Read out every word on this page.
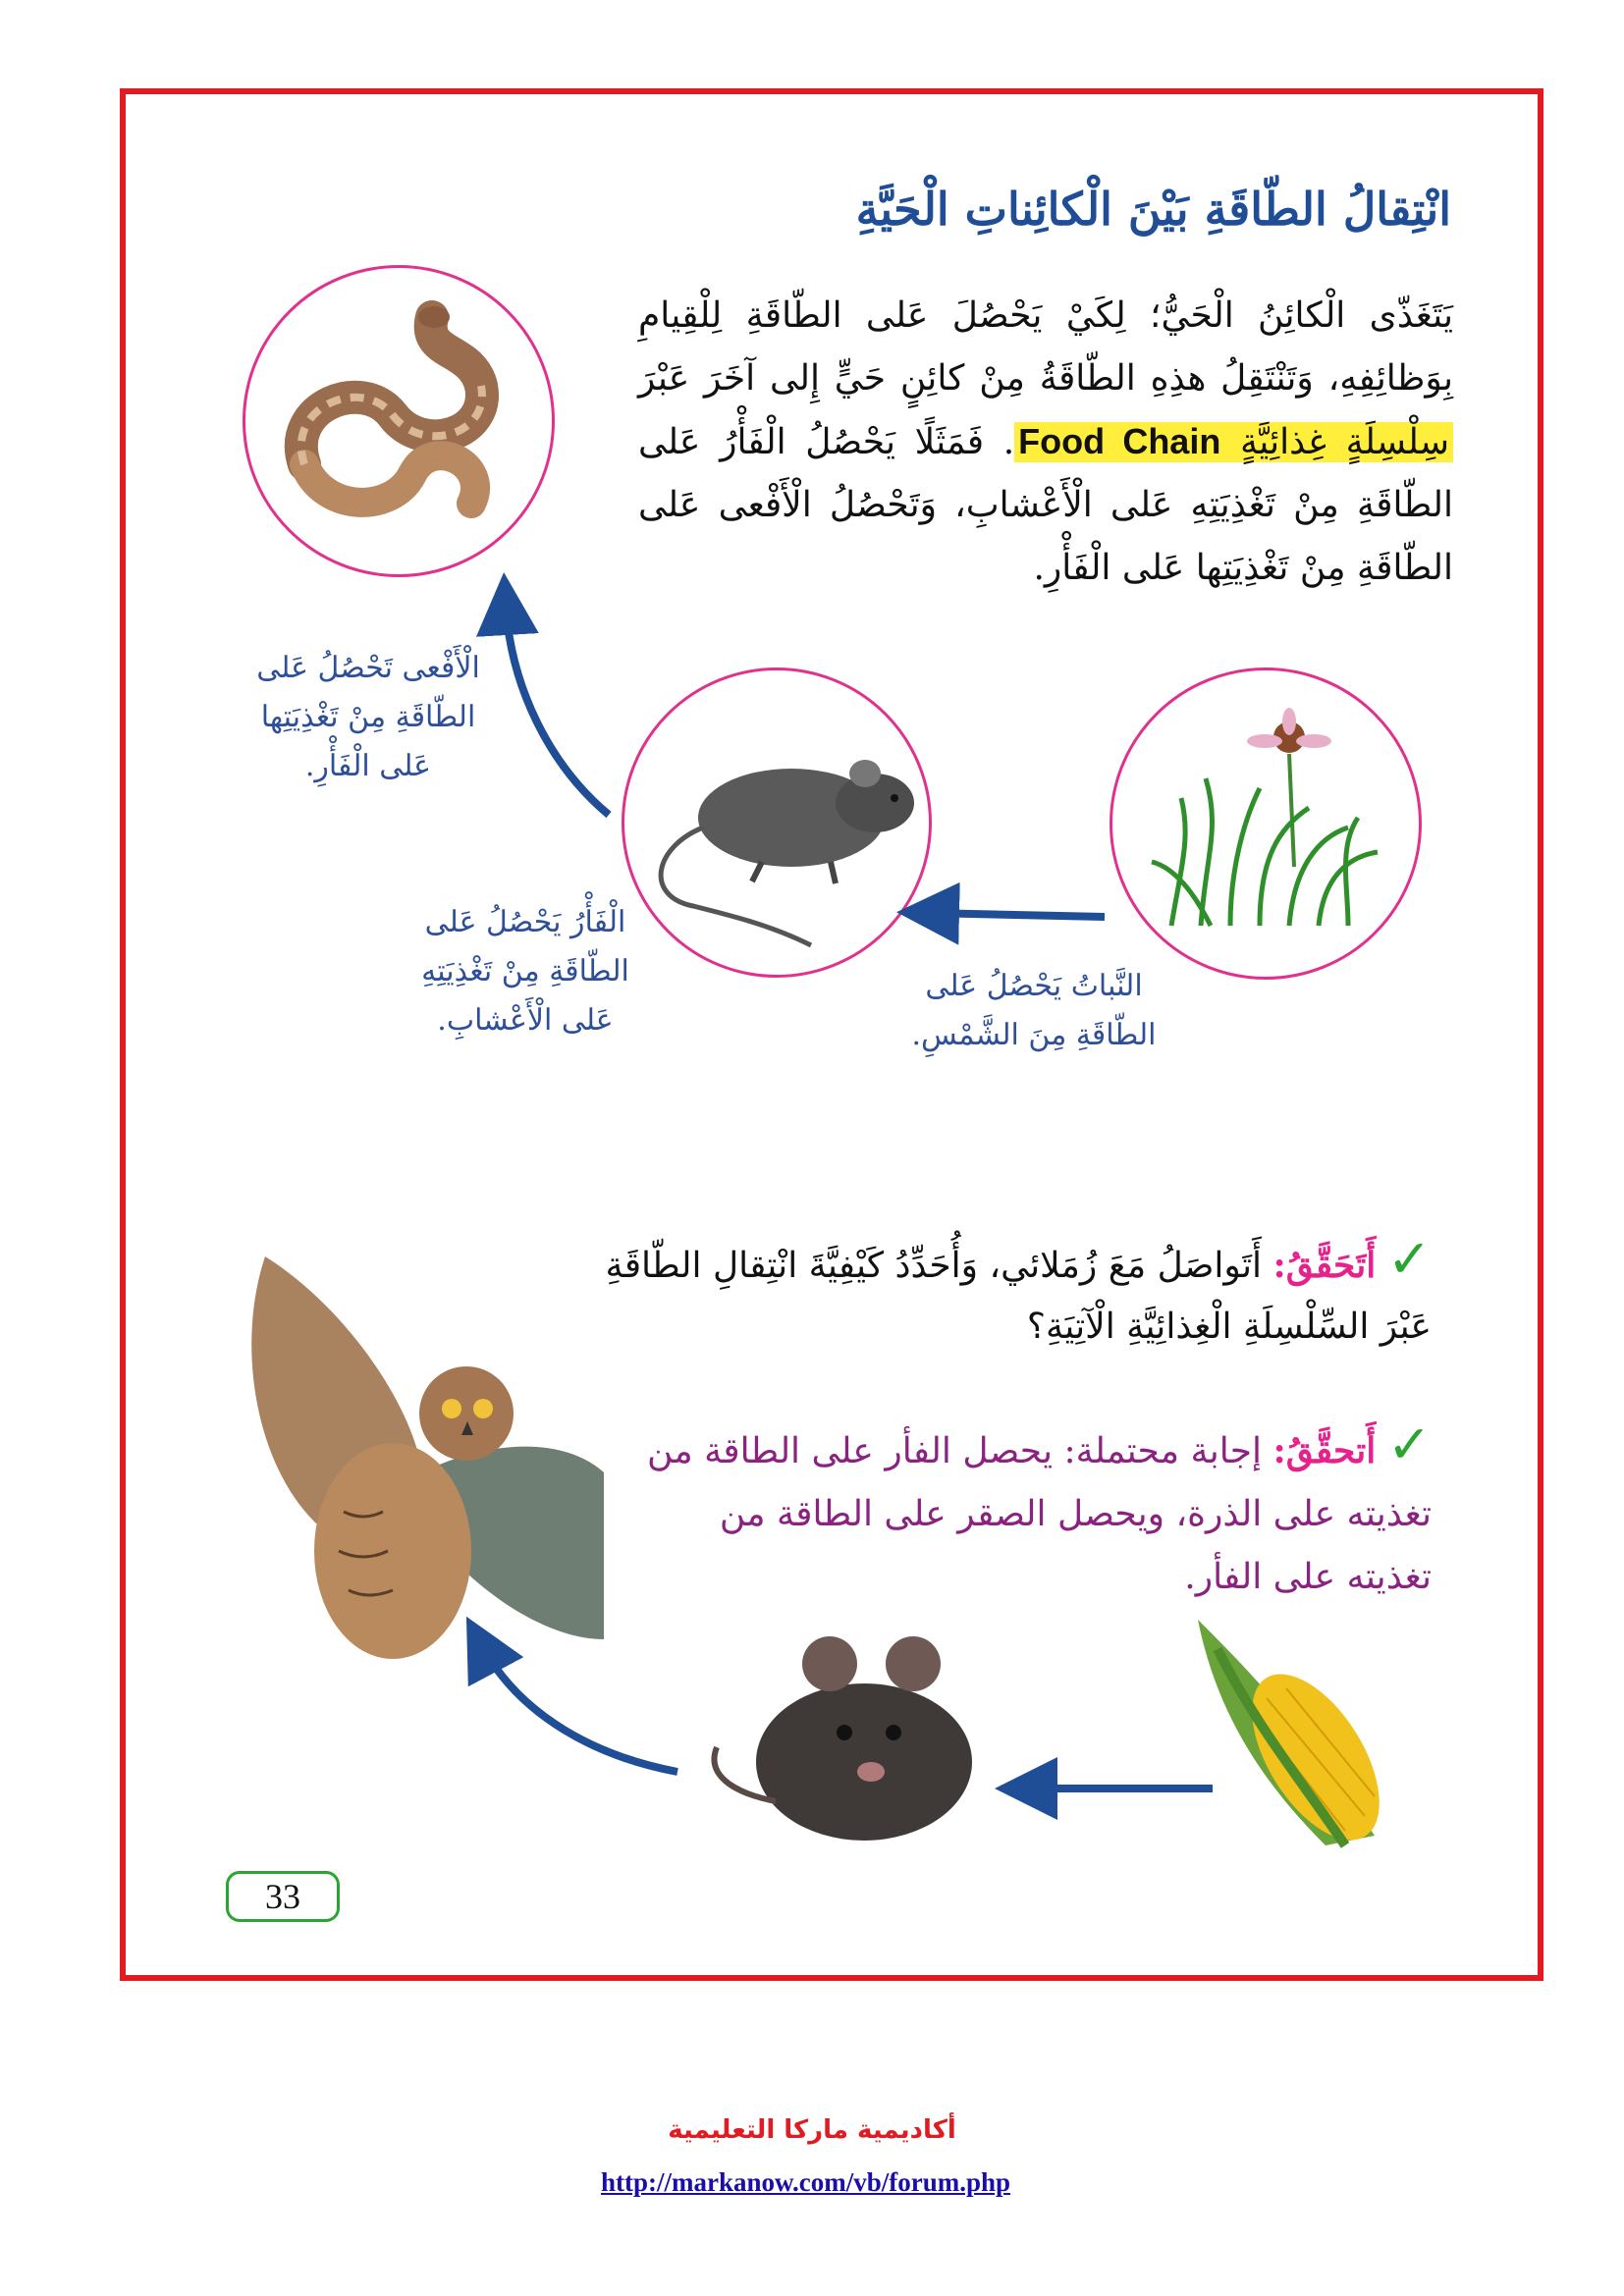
انْتِقالُ الطّاقَةِ بَيْنَ الْكائِناتِ الْحَيَّةِ
يَتَغَذّى الْكائِنُ الْحَيُّ؛ لِكَيْ يَحْصُلَ عَلى الطّاقَةِ لِلْقِيامِ بِوَظائِفِهِ، وَتَنْتَقِلُ هذِهِ الطّاقَةُ مِنْ كائِنٍ حَيٍّ إِلى آخَرَ عَبْرَ سِلْسِلَةٍ غِذائِيَّةٍ Food Chain. فَمَثَلًا يَحْصُلُ الْفَأْرُ عَلى الطّاقَةِ مِنْ تَغْذِيَتِهِ عَلى الْأَعْشابِ، وَتَحْصُلُ الْأَفْعى عَلى الطّاقَةِ مِنْ تَغْذِيَتِها عَلى الْفَأْرِ.
الْأَفْعى تَحْصُلُ عَلى الطّاقَةِ مِنْ تَغْذِيَتِها عَلى الْفَأْرِ.
الْفَأْرُ يَحْصُلُ عَلى الطّاقَةِ مِنْ تَغْذِيَتِهِ عَلى الْأَعْشابِ.
النَّباتُ يَحْصُلُ عَلى الطّاقَةِ مِنَ الشَّمْسِ.
✓ أَتَحَقَّقُ: أَتَواصَلُ مَعَ زُمَلائي، وَأُحَدِّدُ كَيْفِيَّةَ انْتِقالِ الطّاقَةِ عَبْرَ السِّلْسِلَةِ الْغِذائِيَّةِ الْآتِيَةِ؟
✓ أَتحقَّقُ: إجابة محتملة: يحصل الفأر على الطاقة من تغذيته على الذرة، ويحصل الصقر على الطاقة من تغذيته على الفأر.
33
أكاديمية ماركا التعليمية
http://markanow.com/vb/forum.php
